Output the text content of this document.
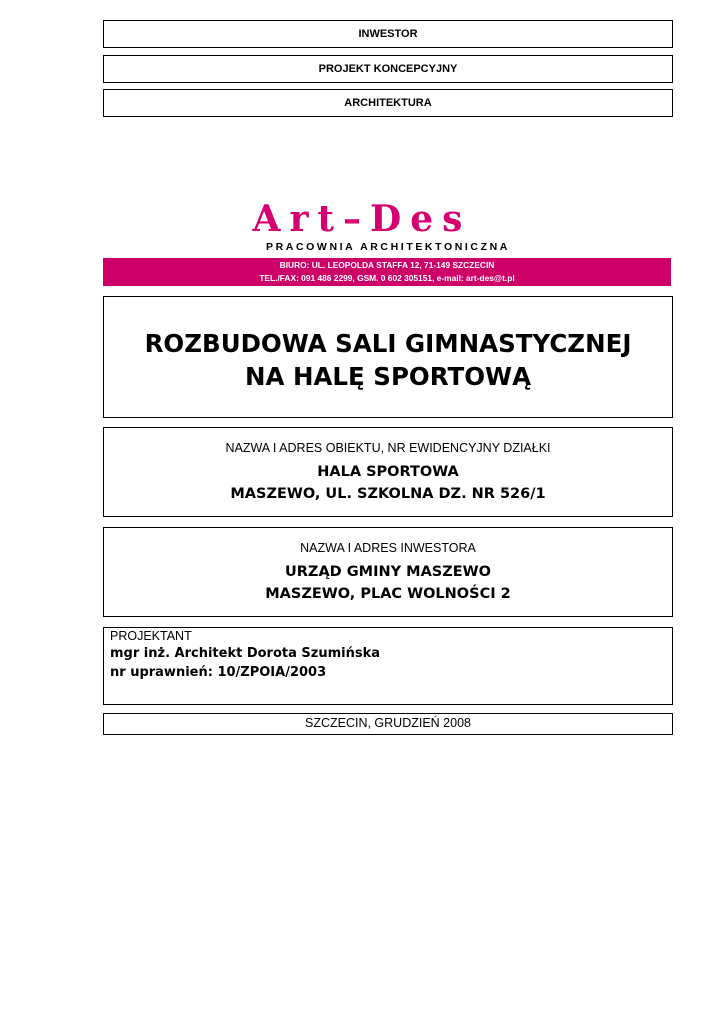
INWESTOR
PROJEKT KONCEPCYJNY
ARCHITEKTURA
Art–Des
PRACOWNIA ARCHITEKTONICZNA
BIURO: UL. LEOPOLDA STAFFA 12, 71-149 SZCZECIN
TEL./FAX: 091 486 2299, GSM. 0 602 305151, e-mail: art-des@t.pl
ROZBUDOWA SALI GIMNASTYCZNEJ
NA HALĘ SPORTOWĄ
NAZWA I ADRES OBIEKTU, NR EWIDENCYJNY DZIAŁKI
HALA SPORTOWA
MASZEWO, UL. SZKOLNA DZ. NR 526/1
NAZWA I ADRES INWESTORA
URZĄD GMINY MASZEWO
MASZEWO, PLAC WOLNOŚCI 2
PROJEKTANT
mgr inż. Architekt Dorota Szumińska
nr uprawnień: 10/ZPOIA/2003
SZCZECIN, GRUDZIEŃ 2008
